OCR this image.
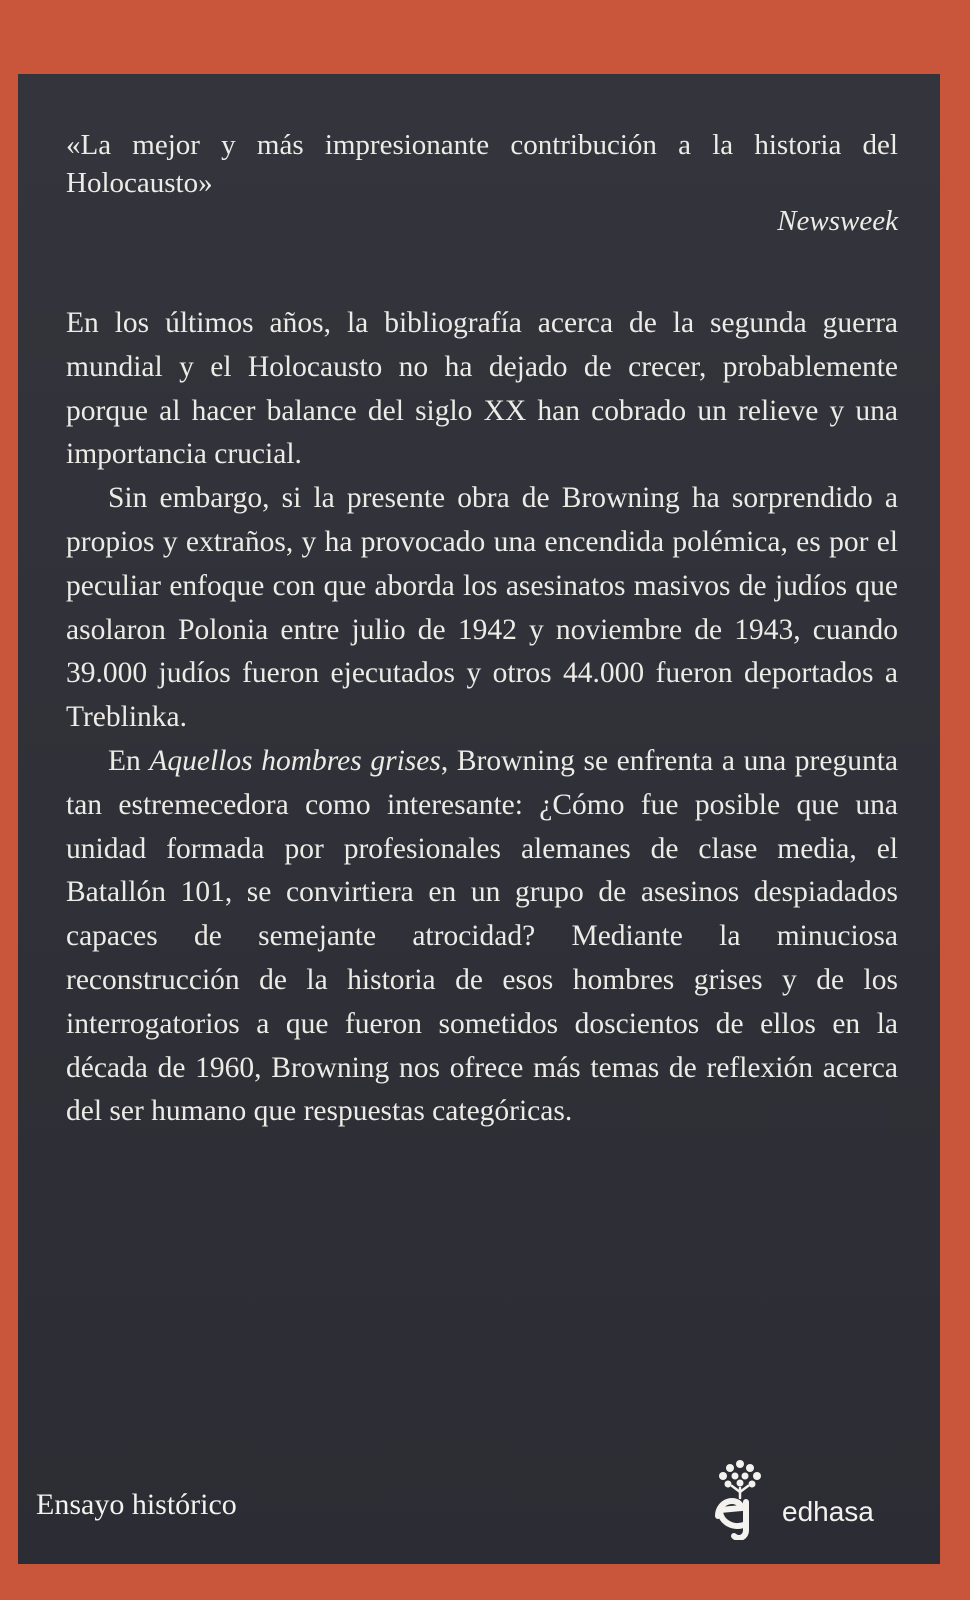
«La mejor y más impresionante contribución a la historia del Holocausto»

Newsweek

En los últimos años, la bibliografía acerca de la segunda guerra mundial y el Holocausto no ha dejado de crecer, probablemente porque al hacer balance del siglo XX han cobrado un relieve y una importancia crucial.

Sin embargo, si la presente obra de Browning ha sorprendido a propios y extraños, y ha provocado una encendida polémica, es por el peculiar enfoque con que aborda los asesinatos masivos de judíos que asolaron Polonia entre julio de 1942 y noviembre de 1943, cuando 39.000 judíos fueron ejecutados y otros 44.000 fueron deportados a Treblinka.

En Aquellos hombres grises, Browning se enfrenta a una pregunta tan estremecedora como interesante: ¿Cómo fue posible que una unidad formada por profesionales alemanes de clase media, el Batallón 101, se convirtiera en un grupo de asesinos despiadados capaces de semejante atrocidad? Mediante la minuciosa reconstrucción de la historia de esos hombres grises y de los interrogatorios a que fueron sometidos doscientos de ellos en la década de 1960, Browning nos ofrece más temas de reflexión acerca del ser humano que respuestas categóricas.

Ensayo histórico	edhasa
